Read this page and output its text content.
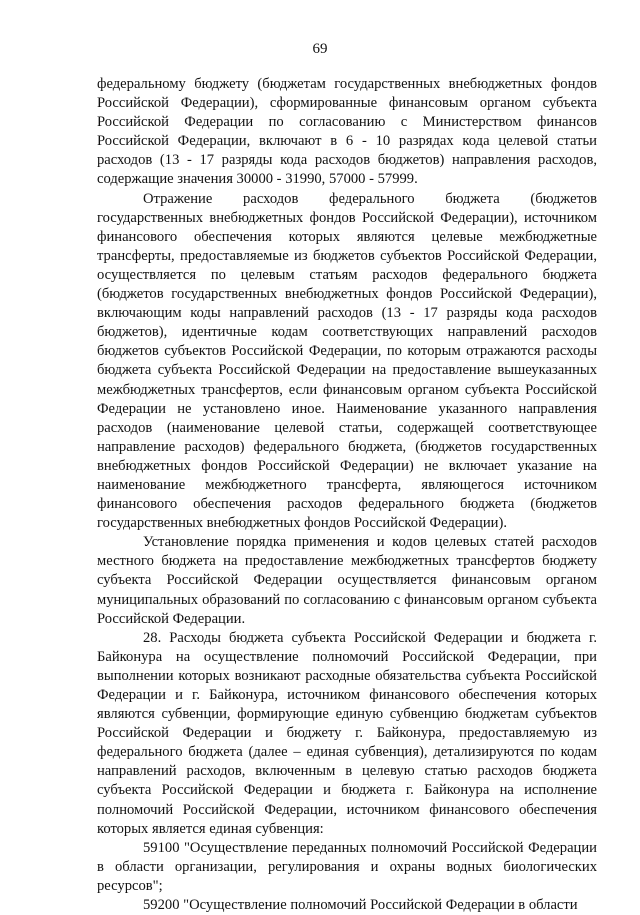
69

федеральному бюджету (бюджетам государственных внебюджетных фондов Российской Федерации), сформированные финансовым органом субъекта Российской Федерации по согласованию с Министерством финансов Российской Федерации, включают в 6 - 10 разрядах кода целевой статьи расходов (13 - 17 разряды кода расходов бюджетов) направления расходов, содержащие значения 30000 - 31990, 57000 - 57999.

Отражение расходов федерального бюджета (бюджетов государственных внебюджетных фондов Российской Федерации), источником финансового обеспечения которых являются целевые межбюджетные трансферты, предоставляемые из бюджетов субъектов Российской Федерации, осуществляется по целевым статьям расходов федерального бюджета (бюджетов государственных внебюджетных фондов Российской Федерации), включающим коды направлений расходов (13 - 17 разряды кода расходов бюджетов), идентичные кодам соответствующих направлений расходов бюджетов субъектов Российской Федерации, по которым отражаются расходы бюджета субъекта Российской Федерации на предоставление вышеуказанных межбюджетных трансфертов, если финансовым органом субъекта Российской Федерации не установлено иное. Наименование указанного направления расходов (наименование целевой статьи, содержащей соответствующее направление расходов) федерального бюджета, (бюджетов государственных внебюджетных фондов Российской Федерации) не включает указание на наименование межбюджетного трансферта, являющегося источником финансового обеспечения расходов федерального бюджета (бюджетов государственных внебюджетных фондов Российской Федерации).

Установление порядка применения и кодов целевых статей расходов местного бюджета на предоставление межбюджетных трансфертов бюджету субъекта Российской Федерации осуществляется финансовым органом муниципальных образований по согласованию с финансовым органом субъекта Российской Федерации.

28. Расходы бюджета субъекта Российской Федерации и бюджета г. Байконура на осуществление полномочий Российской Федерации, при выполнении которых возникают расходные обязательства субъекта Российской Федерации и г. Байконура, источником финансового обеспечения которых являются субвенции, формирующие единую субвенцию бюджетам субъектов Российской Федерации и бюджету г. Байконура, предоставляемую из федерального бюджета (далее – единая субвенция), детализируются по кодам направлений расходов, включенным в целевую статью расходов бюджета субъекта Российской Федерации и бюджета г. Байконура на исполнение полномочий Российской Федерации, источником финансового обеспечения которых является единая субвенция:

59100 "Осуществление переданных полномочий Российской Федерации в области организации, регулирования и охраны водных биологических ресурсов";

59200 "Осуществление полномочий Российской Федерации в области
